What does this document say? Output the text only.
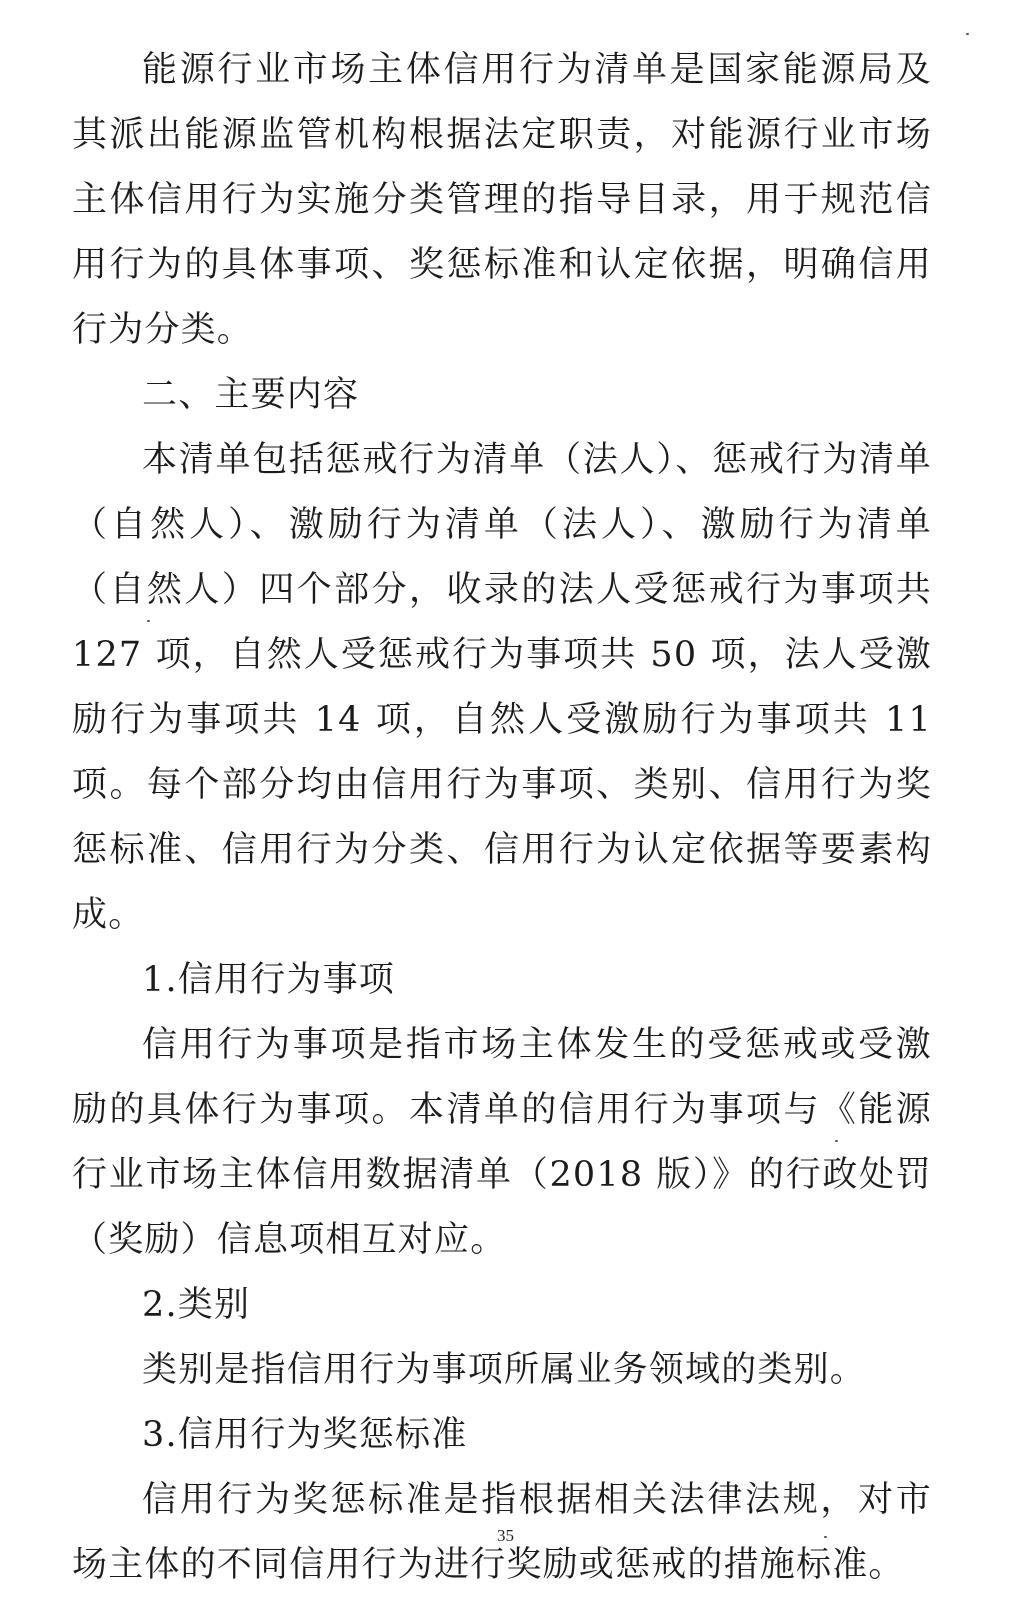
能源行业市场主体信用行为清单是国家能源局及其派出能源监管机构根据法定职责，对能源行业市场主体信用行为实施分类管理的指导目录，用于规范信用行为的具体事项、奖惩标准和认定依据，明确信用行为分类。

二、主要内容

本清单包括惩戒行为清单（法人）、惩戒行为清单（自然人）、激励行为清单（法人）、激励行为清单（自然人）四个部分，收录的法人受惩戒行为事项共 127 项，自然人受惩戒行为事项共 50 项，法人受激励行为事项共 14 项，自然人受激励行为事项共 11 项。每个部分均由信用行为事项、类别、信用行为奖惩标准、信用行为分类、信用行为认定依据等要素构成。

1.信用行为事项

信用行为事项是指市场主体发生的受惩戒或受激励的具体行为事项。本清单的信用行为事项与《能源行业市场主体信用数据清单（2018 版）》的行政处罚（奖励）信息项相互对应。

2.类别

类别是指信用行为事项所属业务领域的类别。

3.信用行为奖惩标准

信用行为奖惩标准是指根据相关法律法规，对市场主体的不同信用行为进行奖励或惩戒的措施标准。

35
